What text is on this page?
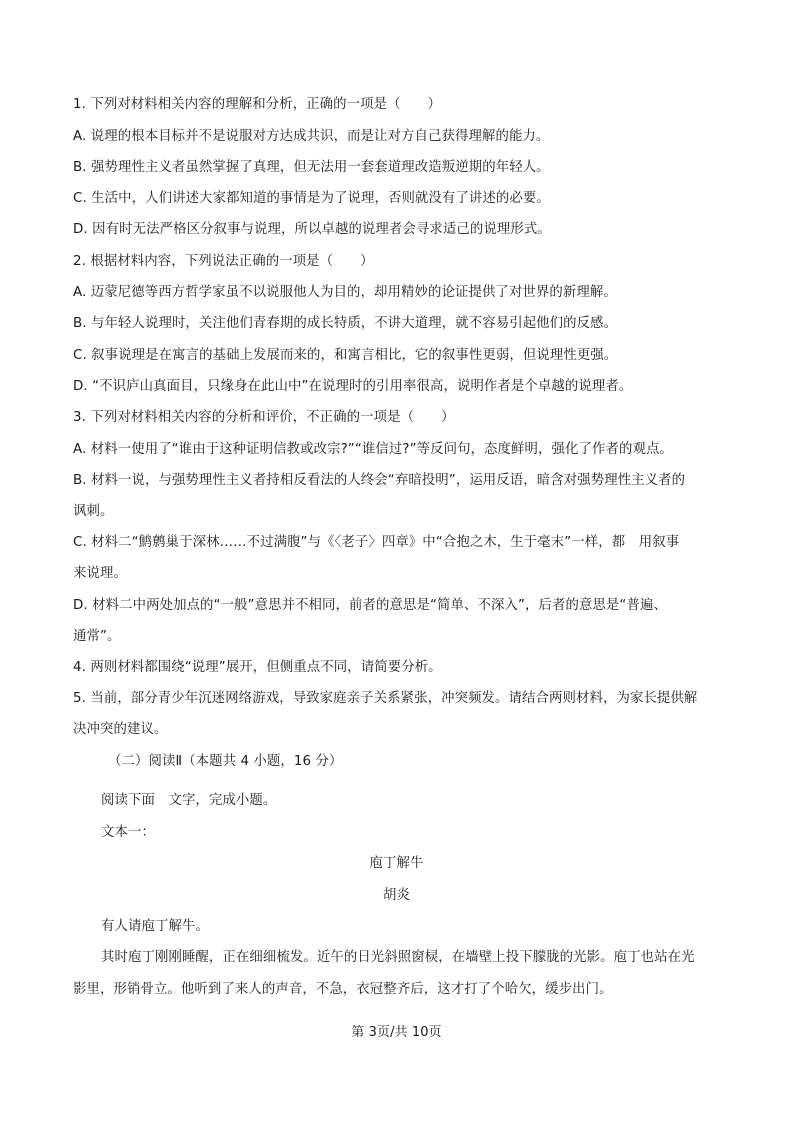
1. 下列对材料相关内容的理解和分析，正确的一项是（　　）
A. 说理的根本目标并不是说服对方达成共识，而是让对方自己获得理解的能力。
B. 强势理性主义者虽然掌握了真理，但无法用一套套道理改造叛逆期的年轻人。
C. 生活中，人们讲述大家都知道的事情是为了说理，否则就没有了讲述的必要。
D. 因有时无法严格区分叙事与说理，所以卓越的说理者会寻求适己的说理形式。
2. 根据材料内容，下列说法正确的一项是（　　）
A. 迈蒙尼德等西方哲学家虽不以说服他人为目的，却用精妙的论证提供了对世界的新理解。
B. 与年轻人说理时，关注他们青春期的成长特质，不讲大道理，就不容易引起他们的反感。
C. 叙事说理是在寓言的基础上发展而来的，和寓言相比，它的叙事性更弱，但说理性更强。
D. “不识庐山真面目，只缘身在此山中”在说理时的引用率很高，说明作者是个卓越的说理者。
3. 下列对材料相关内容的分析和评价，不正确的一项是（　　）
A. 材料一使用了“谁由于这种证明信教或改宗?”“谁信过?”等反问句，态度鲜明，强化了作者的观点。
B. 材料一说，与强势理性主义者持相反看法的人终会“弃暗投明”，运用反语，暗含对强势理性主义者的
讽刺。
C. 材料二“鹪鹩巢于深林……不过满腹”与《〈老子〉四章》中“合抱之木，生于毫末”一样，都　用叙事
来说理。
D. 材料二中两处加点的“一般”意思并不相同，前者的意思是“简单、不深入”，后者的意思是“普遍、
通常”。
4. 两则材料都围绕“说理”展开，但侧重点不同，请简要分析。
5. 当前，部分青少年沉迷网络游戏，导致家庭亲子关系紧张，冲突频发。请结合两则材料，为家长提供解
决冲突的建议。
（二）阅读Ⅱ（本题共 4 小题，16 分）
阅读下面　文字，完成小题。
文本一：
庖丁解牛
胡炎
有人请庖丁解牛。
其时庖丁刚刚睡醒，正在细细梳发。近午的日光斜照窗棂，在墙壁上投下朦胧的光影。庖丁也站在光
影里，形销骨立。他听到了来人的声音，不急，衣冠整齐后，这才打了个哈欠，缓步出门。
第 3页/共 10页
